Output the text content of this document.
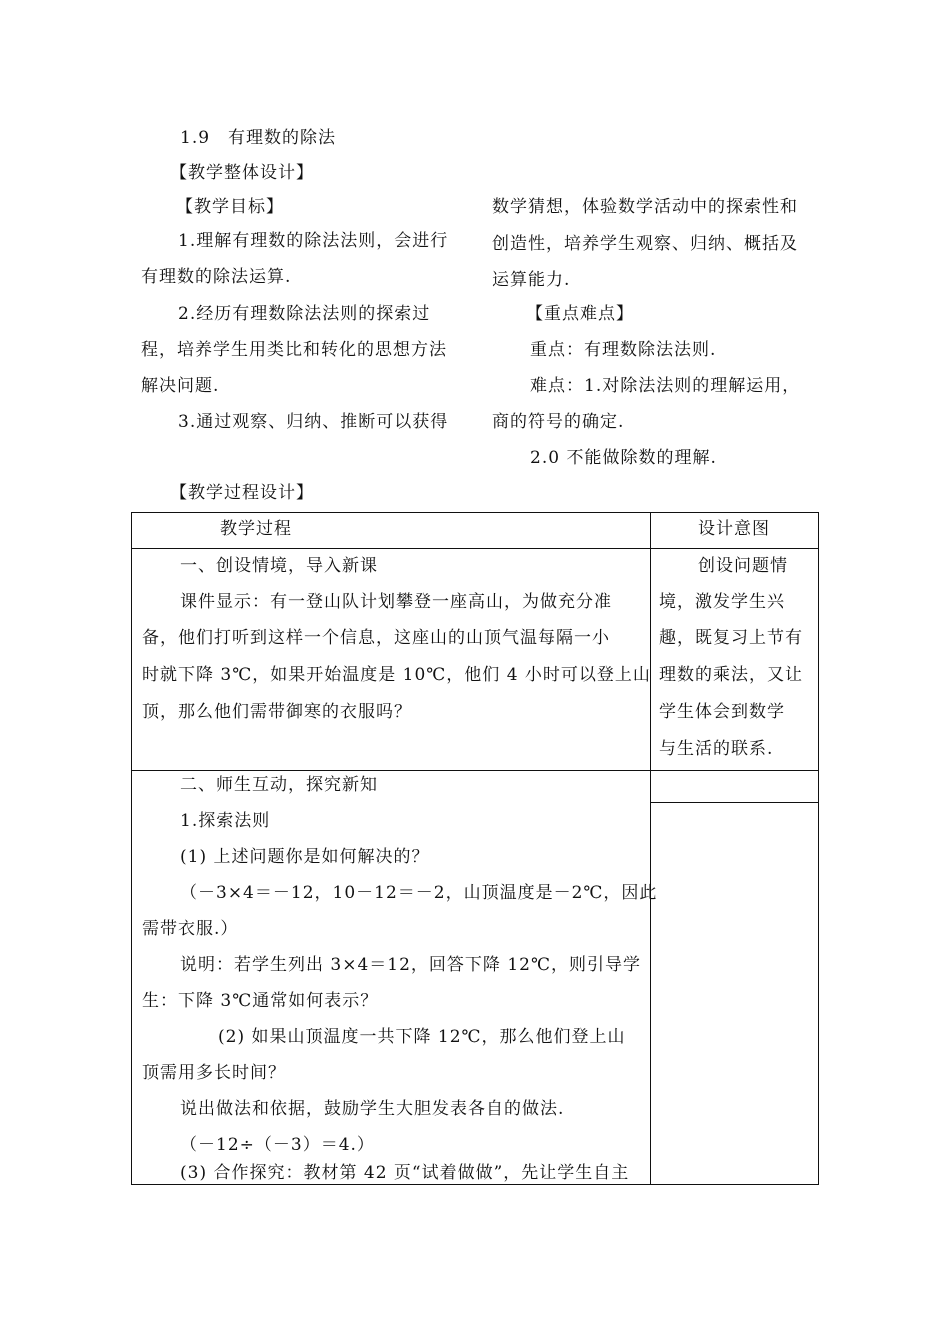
1.9　有理数的除法
【教学整体设计】
【教学目标】
1.理解有理数的除法法则，会进行
有理数的除法运算.
2.经历有理数除法法则的探索过
程，培养学生用类比和转化的思想方法
解决问题.
3.通过观察、归纳、推断可以获得
数学猜想，体验数学活动中的探索性和
创造性，培养学生观察、归纳、概括及
运算能力.
【重点难点】
重点：有理数除法法则.
难点：1.对除法法则的理解运用，
商的符号的确定.
2.0 不能做除数的理解.
【教学过程设计】
教学过程	设计意图
一、创设情境，导入新课
课件显示：有一登山队计划攀登一座高山，为做充分准
备，他们打听到这样一个信息，这座山的山顶气温每隔一小
时就下降 3℃，如果开始温度是 10℃，他们 4 小时可以登上山
顶，那么他们需带御寒的衣服吗？
创设问题情
境，激发学生兴
趣，既复习上节有
理数的乘法，又让
学生体会到数学
与生活的联系.
二、师生互动，探究新知
1.探索法则
(1) 上述问题你是如何解决的？
（－3×4＝－12，10－12＝－2，山顶温度是－2℃，因此
需带衣服.）
说明：若学生列出 3×4＝12，回答下降 12℃，则引导学
生：下降 3℃通常如何表示？
(2) 如果山顶温度一共下降 12℃，那么他们登上山
顶需用多长时间？
说出做法和依据，鼓励学生大胆发表各自的做法.
（－12÷（－3）＝4.）
(3) 合作探究：教材第 42 页“试着做做”，先让学生自主
